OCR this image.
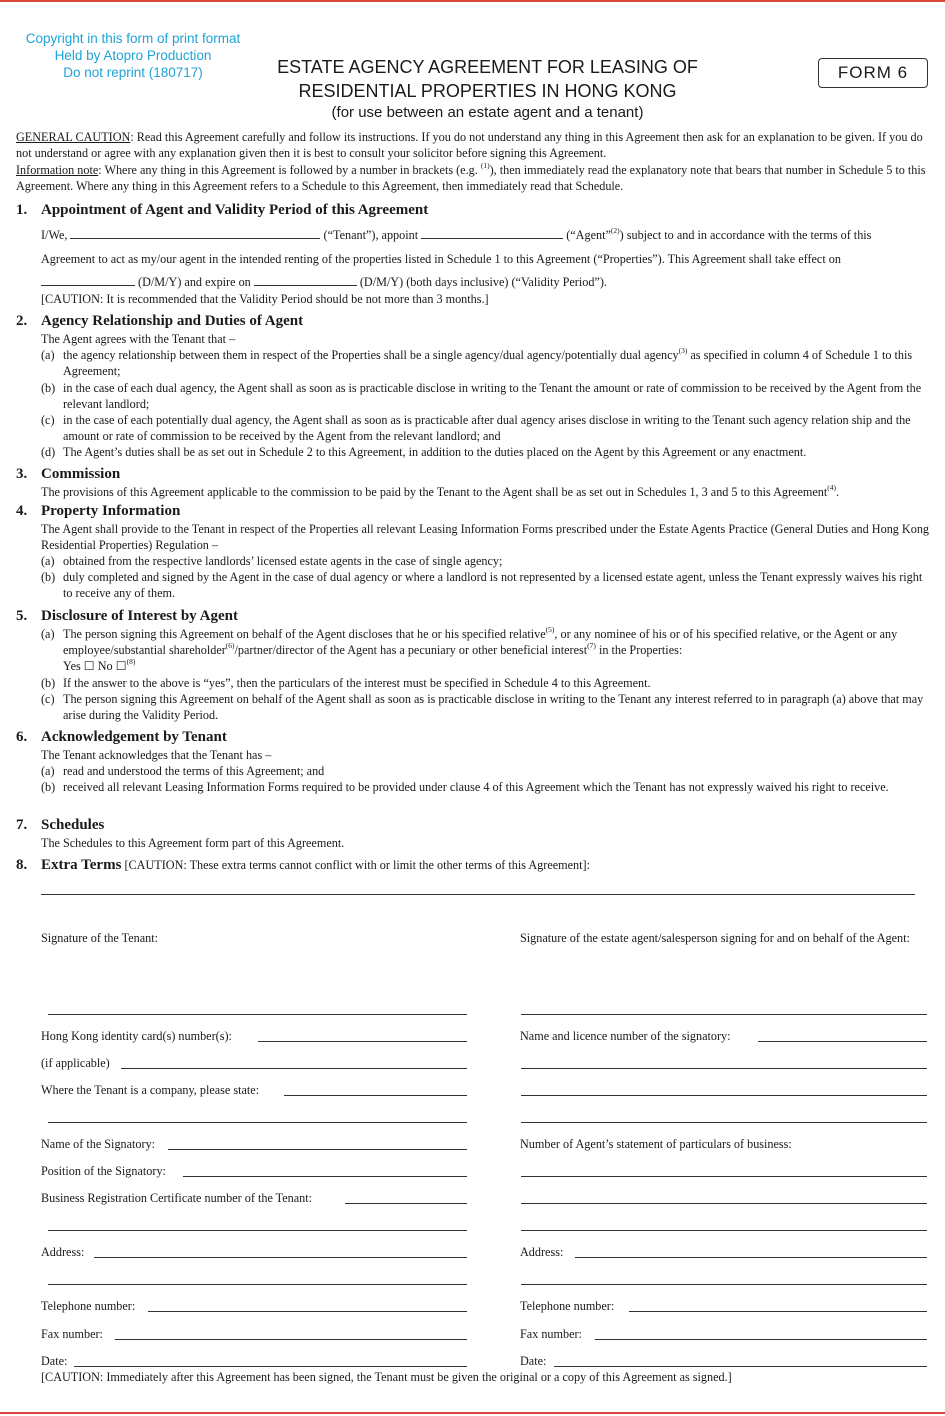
Copyright in this form of print format
Held by Atopro Production
Do not reprint (180717)	ESTATE AGENCY AGREEMENT FOR LEASING OF
RESIDENTIAL PROPERTIES IN HONG KONG
(for use between an estate agent and a tenant)
FORM 6
GENERAL CAUTION: Read this Agreement carefully and follow its instructions. If you do not understand any thing in this Agreement then ask for an explanation to be given. If you do not understand or agree with any explanation given then it is best to consult your solicitor before signing this Agreement.
Information note: Where any thing in this Agreement is followed by a number in brackets (e.g. $^{(1)}$), then immediately read the explanatory note that bears that number in Schedule 5 to this Agreement. Where any thing in this Agreement refers to a Schedule to this Agreement, then immediately read that Schedule.
1. Appointment of Agent and Validity Period of this Agreement
I/We,	(“Tenant”), appoint	(“Agent”$^{(2)}$) subject to and in accordance with the terms of this
Agreement to act as my/our agent in the intended renting of the properties listed in Schedule 1 to this Agreement (“Properties”). This Agreement shall take effect on
(D/M/Y) and expire on	(D/M/Y) (both days inclusive) (“Validity Period”).
[CAUTION: It is recommended that the Validity Period should be not more than 3 months.]
2. Agency Relationship and Duties of Agent
The Agent agrees with the Tenant that –
(a) the agency relationship between them in respect of the Properties shall be a single agency/dual agency/potentially dual agency$^{(3)}$ as specified in column 4 of Schedule 1 to this Agreement;
(b) in the case of each dual agency, the Agent shall as soon as is practicable disclose in writing to the Tenant the amount or rate of commission to be received by the Agent from the relevant landlord;
(c) in the case of each potentially dual agency, the Agent shall as soon as is practicable after dual agency arises disclose in writing to the Tenant such agency relation ship and the amount or rate of commission to be received by the Agent from the relevant landlord; and
(d) The Agent’s duties shall be as set out in Schedule 2 to this Agreement, in addition to the duties placed on the Agent by this Agreement or any enactment.
3. Commission
The provisions of this Agreement applicable to the commission to be paid by the Tenant to the Agent shall be as set out in Schedules 1, 3 and 5 to this Agreement$^{(4)}$.
4. Property Information
The Agent shall provide to the Tenant in respect of the Properties all relevant Leasing Information Forms prescribed under the Estate Agents Practice (General Duties and Hong Kong Residential Properties) Regulation –
(a) obtained from the respective landlords’ licensed estate agents in the case of single agency;
(b) duly completed and signed by the Agent in the case of dual agency or where a landlord is not represented by a licensed estate agent, unless the Tenant expressly waives his right to receive any of them.
5. Disclosure of Interest by Agent
(a) The person signing this Agreement on behalf of the Agent discloses that he or his specified relative$^{(5)}$, or any nominee of his or of his specified relative, or the Agent or any employee/substantial shareholder$^{(6)}$/partner/director of the Agent has a pecuniary or other beneficial interest$^{(7)}$ in the Properties:
Yes ☐ No ☐$^{(8)}$
(b) If the answer to the above is “yes”, then the particulars of the interest must be specified in Schedule 4 to this Agreement.
(c) The person signing this Agreement on behalf of the Agent shall as soon as is practicable disclose in writing to the Tenant any interest referred to in paragraph (a) above that may arise during the Validity Period.
6. Acknowledgement by Tenant
The Tenant acknowledges that the Tenant has –
(a) read and understood the terms of this Agreement; and
(b) received all relevant Leasing Information Forms required to be provided under clause 4 of this Agreement which the Tenant has not expressly waived his right to receive.
7. Schedules
The Schedules to this Agreement form part of this Agreement.
8. Extra Terms [CAUTION: These extra terms cannot conflict with or limit the other terms of this Agreement]:
Signature of the Tenant:	Signature of the estate agent/salesperson signing for and on behalf of the Agent:
Hong Kong identity card(s) number(s):	Name and licence number of the signatory:
(if applicable)
Where the Tenant is a company, please state:
Name of the Signatory:	Number of Agent’s statement of particulars of business:
Position of the Signatory:
Business Registration Certificate number of the Tenant:
Address:	Address:
Telephone number:	Telephone number:
Fax number:	Fax number:
Date:	Date:
[CAUTION: Immediately after this Agreement has been signed, the Tenant must be given the original or a copy of this Agreement as signed.]
